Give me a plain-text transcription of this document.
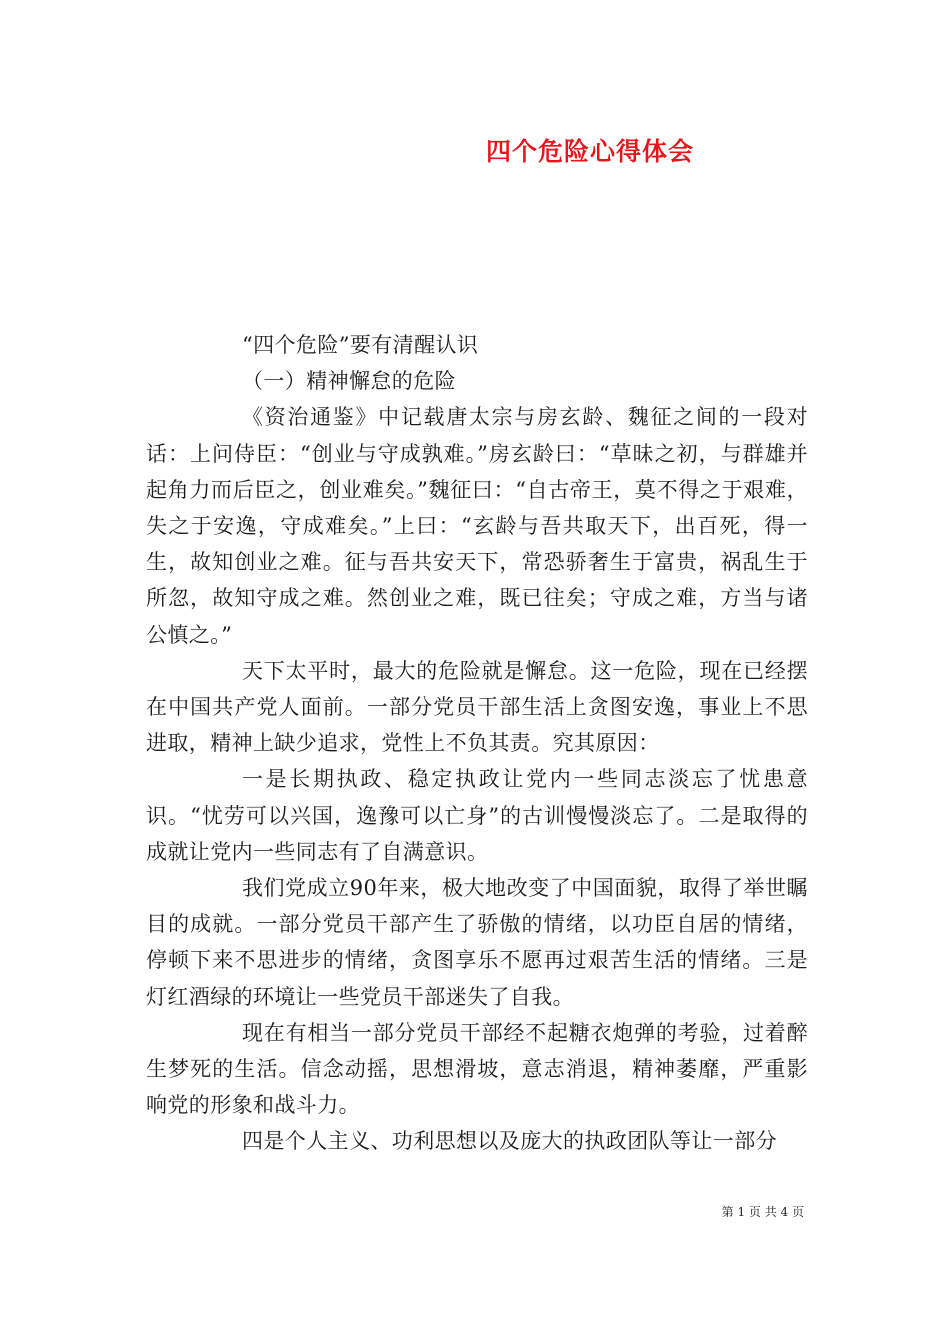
四个危险心得体会

“四个危险”要有清醒认识

（一）精神懈怠的危险

《资治通鉴》中记载唐太宗与房玄龄、魏征之间的一段对话：上问侍臣：“创业与守成孰难。”房玄龄曰：“草昧之初，与群雄并起角力而后臣之，创业难矣。”魏征曰：“自古帝王，莫不得之于艰难，失之于安逸，守成难矣。”上曰：“玄龄与吾共取天下，出百死，得一生，故知创业之难。征与吾共安天下，常恐骄奢生于富贵，祸乱生于所忽，故知守成之难。然创业之难，既已往矣；守成之难，方当与诸公慎之。”

天下太平时，最大的危险就是懈怠。这一危险，现在已经摆在中国共产党人面前。一部分党员干部生活上贪图安逸，事业上不思进取，精神上缺少追求，党性上不负其责。究其原因：

一是长期执政、稳定执政让党内一些同志淡忘了忧患意识。“忧劳可以兴国，逸豫可以亡身”的古训慢慢淡忘了。二是取得的成就让党内一些同志有了自满意识。

我们党成立90年来，极大地改变了中国面貌，取得了举世瞩目的成就。一部分党员干部产生了骄傲的情绪，以功臣自居的情绪，停顿下来不思进步的情绪，贪图享乐不愿再过艰苦生活的情绪。三是灯红酒绿的环境让一些党员干部迷失了自我。

现在有相当一部分党员干部经不起糖衣炮弹的考验，过着醉生梦死的生活。信念动摇，思想滑坡，意志消退，精神萎靡，严重影响党的形象和战斗力。

四是个人主义、功利思想以及庞大的执政团队等让一部分

第 1 页 共 4 页
